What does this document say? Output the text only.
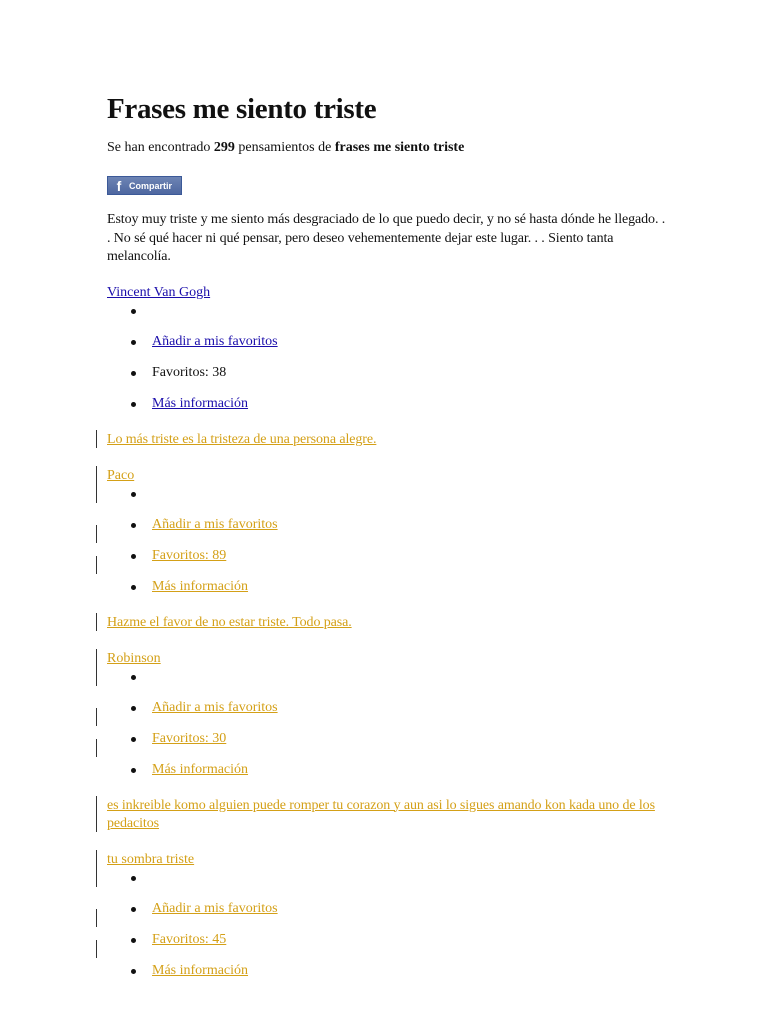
Frases me siento triste
Se han encontrado 299 pensamientos de frases me siento triste
f Compartir
Estoy muy triste y me siento más desgraciado de lo que puedo decir, y no sé hasta dónde he llegado. . . No sé qué hacer ni qué pensar, pero deseo vehementemente dejar este lugar. . . Siento tanta melancolía.
Vincent Van Gogh
Añadir a mis favoritos
Favoritos: 38
Más información
Lo más triste es la tristeza de una persona alegre.
Paco
Añadir a mis favoritos
Favoritos: 89
Más información
Hazme el favor de no estar triste. Todo pasa.
Robinson
Añadir a mis favoritos
Favoritos: 30
Más información
es inkreible komo alguien puede romper tu corazon y aun asi lo sigues amando kon kada uno de los pedacitos
tu sombra triste
Añadir a mis favoritos
Favoritos: 45
Más información
